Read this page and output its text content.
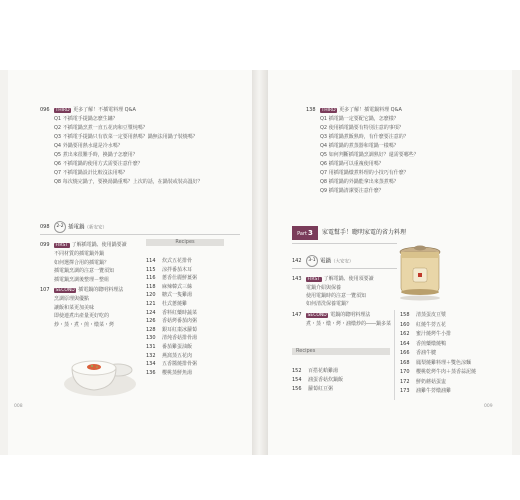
096	THIRD 更多了解！不插電料理 Q&A
Q1 不插電手提鍋怎麼生鏽？
Q2 不插電鍋烹煮一直五花肉和豆漿炖嗎？
Q3 不插電手提鍋只有放菜一定要用熱嗎？鍋無法用鍋子裝燒嗎？
Q4 外鍋要用熱水還是冷水嗎？
Q5 煮出來很難手時，換鍋子怎麼用？
Q6 不插電鍋的使用方式需要注意什麼？
Q7 不插電鍋設計比較沒法用嗎？
Q8 每次燒完鍋子，要換湯鍋重嗎？上次的話，在鍋裝或裝高溫好？
098	2-2 插電鍋（新安安）
099	FIRST 了解插電鍋、使用鍋要讀
不同材質的插電鍋外鍋
如何選擇合用的插電鍋？
插電鍋烹調的注意一覽須知
插電鍋烹調後整理－整組
107	SECOND 插電鍋的聰明料理法
烹調原理與優點
讓飯和菜更加美味
即使連煮出產量更好吃的
炒・蒸・煮・煎・燉菜・烤
Recipes
114 炊式五花排骨
115 涼拌番茄木耳
116 蔥香仕麗鮮薑粥
118 麻辣韓式三絲
120 糖式一隻雞湯
121 杜式蔥燒雞
124 香料紅藥時蔬菜
126 香菇烤番茄肉粥
128 銀耳紅棗冰蘿蔔
130 清炖香菇排骨湯
131 番茄雞蛋油飯
132 燕窩蒸五花肉
134 五香醬燒排骨粥
136 櫻桃蒸鮮魚湯
008
138	THIRD 更多了解！插電鍋料理 Q&A
Q1 插電鍋一定要配它鍋，怎麼樣？
Q2 使用插電鍋要有特別注意的事項？
Q3 插電鍋煮飯熟時，有什麼要注意的？
Q4 插電鍋的煮蒸器和電鍋一樣嗎？
Q5 如何判斷插電鍋烹調熟好？還需要哪些？
Q6 插電鍋可以重複使用嗎？
Q7 用插電鍋燉煮料理的小技巧有什麼？
Q8 插電鍋的外鍋能拿出來蒸煮嗎？
Q9 插電鍋清潔要注意什麼？
Part3	家電幫手！聰明家電的省力料理
142	3-1 電鍋（大安安）
143	FIRST 了解電鍋、使用須要讀
電鍋介紹與保養
使用電鍋時的注意一覽須知
如何清洗保養電鍋？
147	SECOND 電鍋的聰明料理法
煮・蒸・燉・烤・滷燉炒的――鍋多菜
Recipes
152 百搭花蛤雞湯
154 滷蛋香菇炊鍋飯
156 蘿蔔紅豆粥
158 清蒸蛋皮豆漿
160 紅燒牛蒡五花
162 蜜汁燒烤牛小排
164 香煎藥燉燒鴨
166 香滷牛腱
168 鳳梨燒雞料理＋雙色涼麵
170 櫻桃乾烤牛肉＋蒸香蒜泥燒
172 鮮奶蘑菇蛋盅
173 滷雞牛蒡燉滷雞
009
